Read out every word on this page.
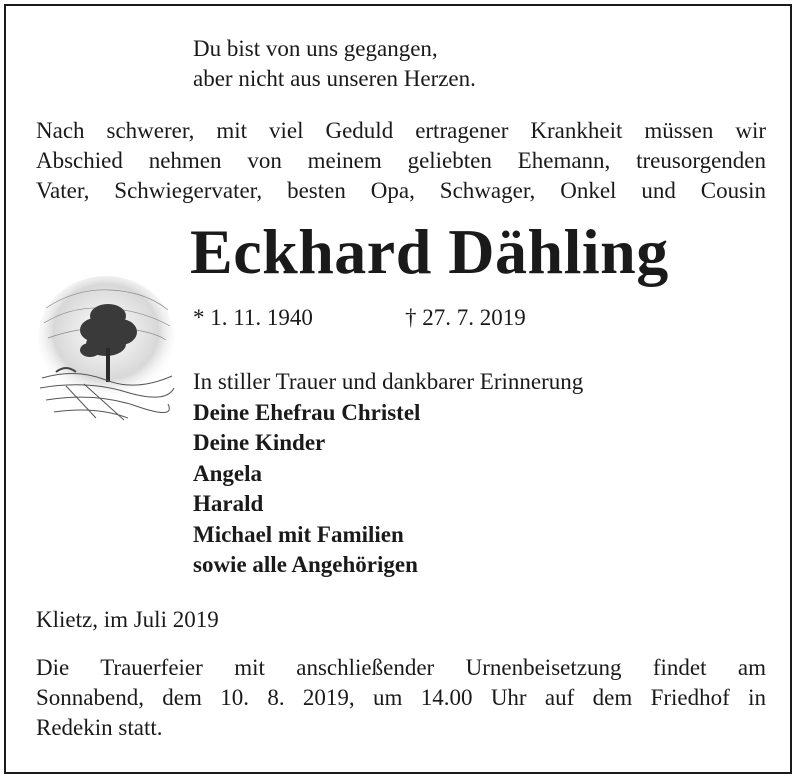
Du bist von uns gegangen,
aber nicht aus unseren Herzen.
Nach schwerer, mit viel Geduld ertragener Krankheit müssen wir
Abschied nehmen von meinem geliebten Ehemann, treusorgenden
Vater, Schwiegervater, besten Opa, Schwager, Onkel und Cousin
Eckhard Dähling
* 1. 11. 1940	† 27. 7. 2019
In stiller Trauer und dankbarer Erinnerung
Deine Ehefrau Christel
Deine Kinder
Angela
Harald
Michael mit Familien
sowie alle Angehörigen
Klietz, im Juli 2019
Die Trauerfeier mit anschließender Urnenbeisetzung findet am
Sonnabend, dem 10. 8. 2019, um 14.00 Uhr auf dem Friedhof in
Redekin statt.
